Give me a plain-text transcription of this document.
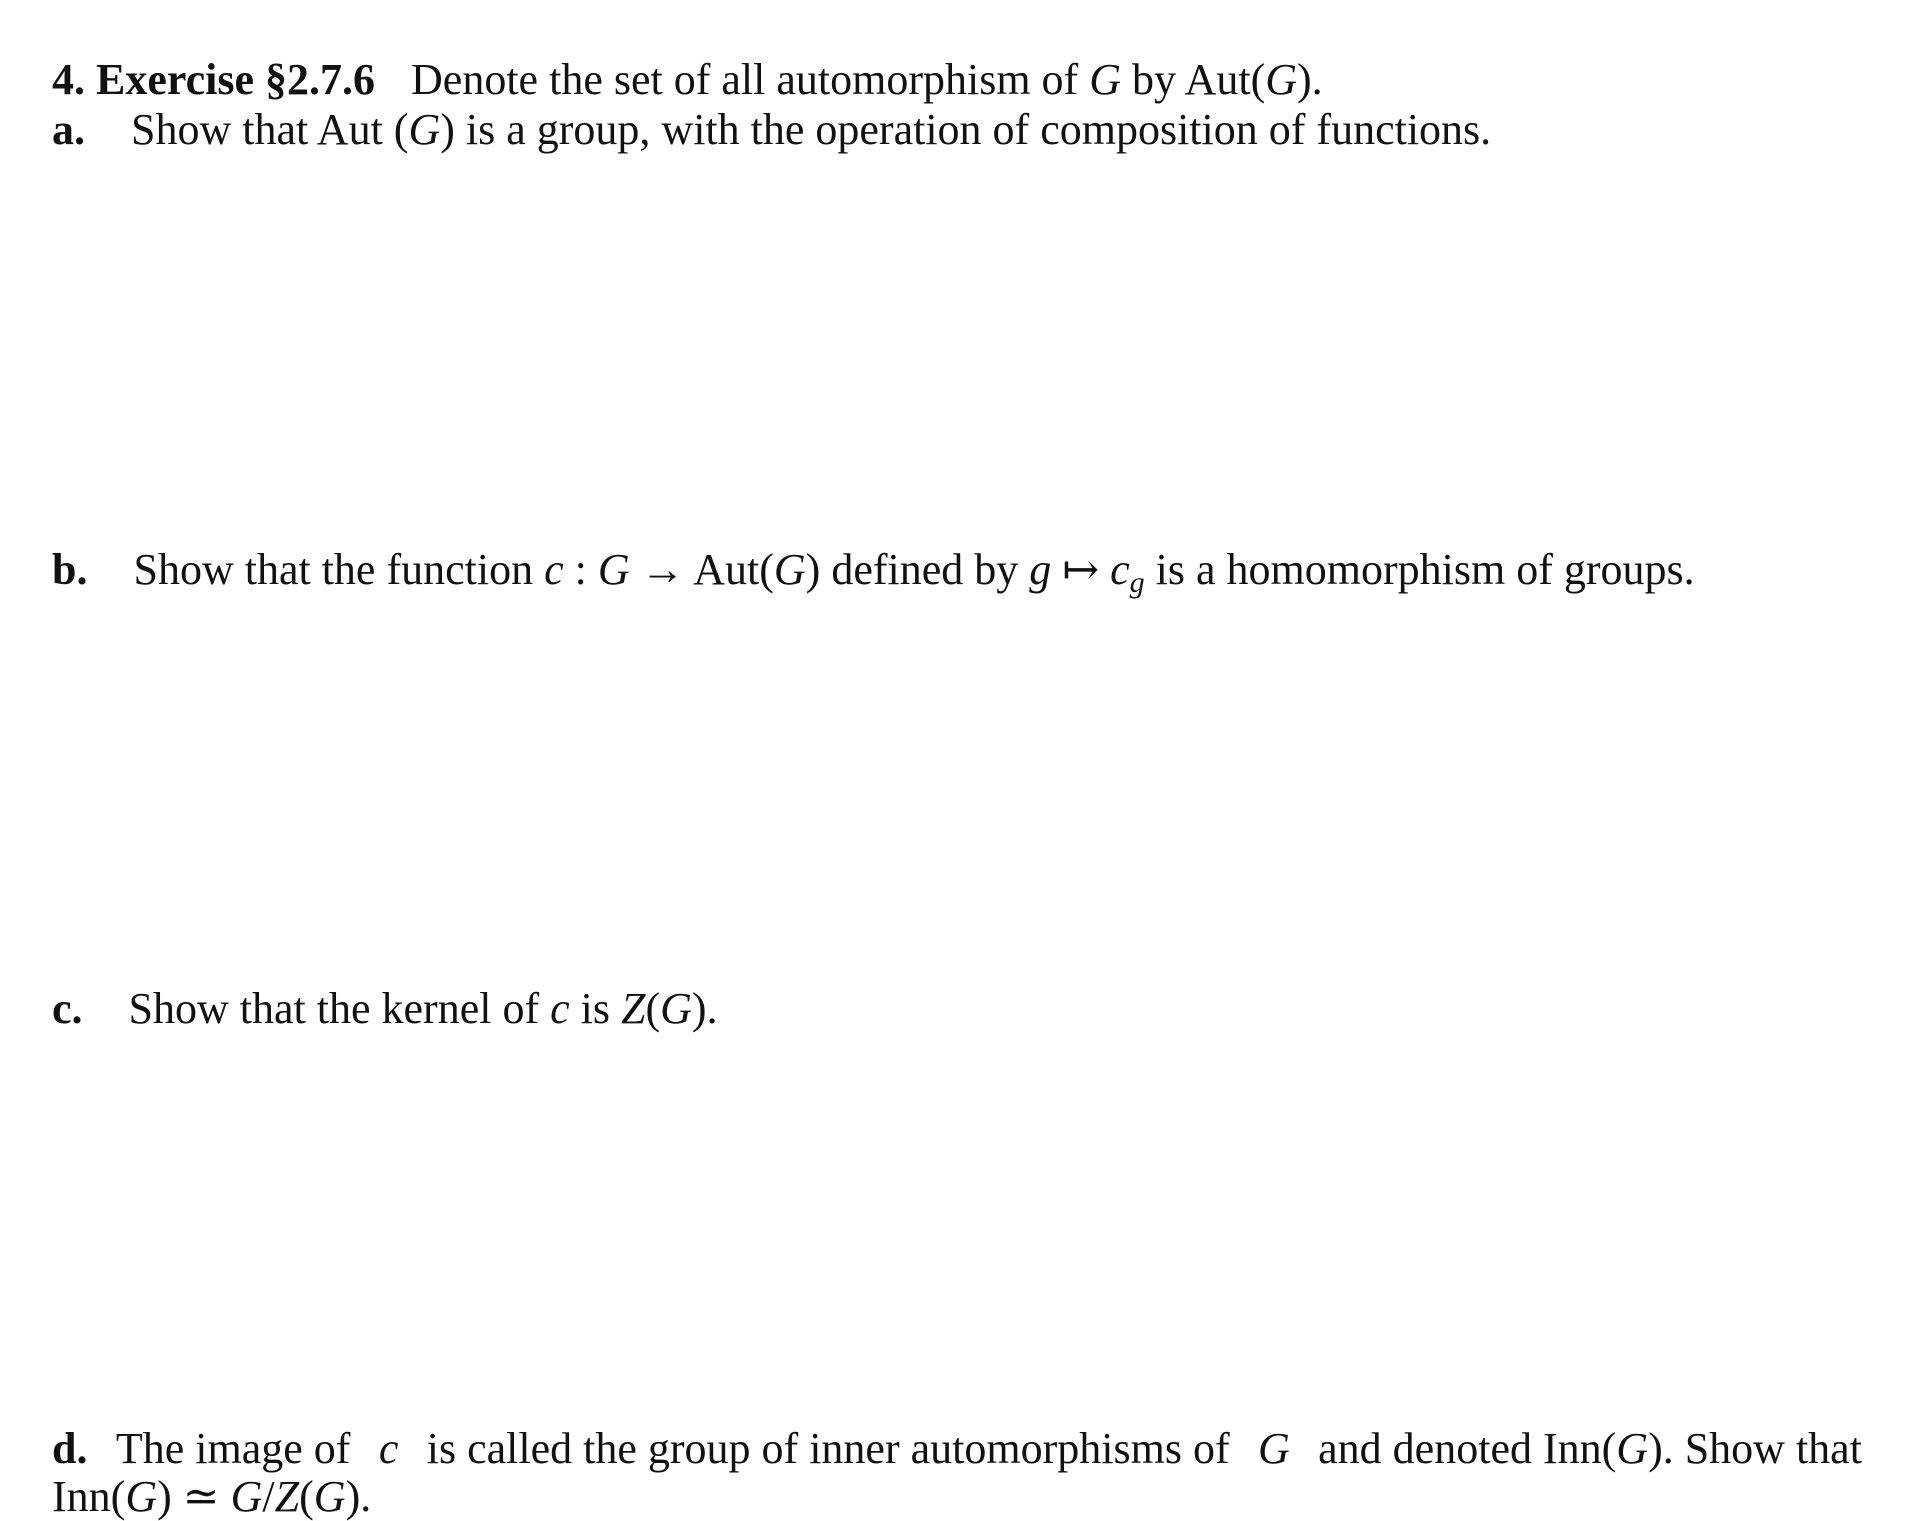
4. Exercise §2.7.6 Denote the set of all automorphism of G by Aut(G).
a. Show that Aut (G) is a group, with the operation of composition of functions.
b. Show that the function c : G → Aut(G) defined by g ↦ cg is a homomorphism of groups.
c. Show that the kernel of c is Z(G).
d. The image of c is called the group of inner automorphisms of G and denoted Inn(G). Show that
Inn(G) ≃ G/Z(G).
